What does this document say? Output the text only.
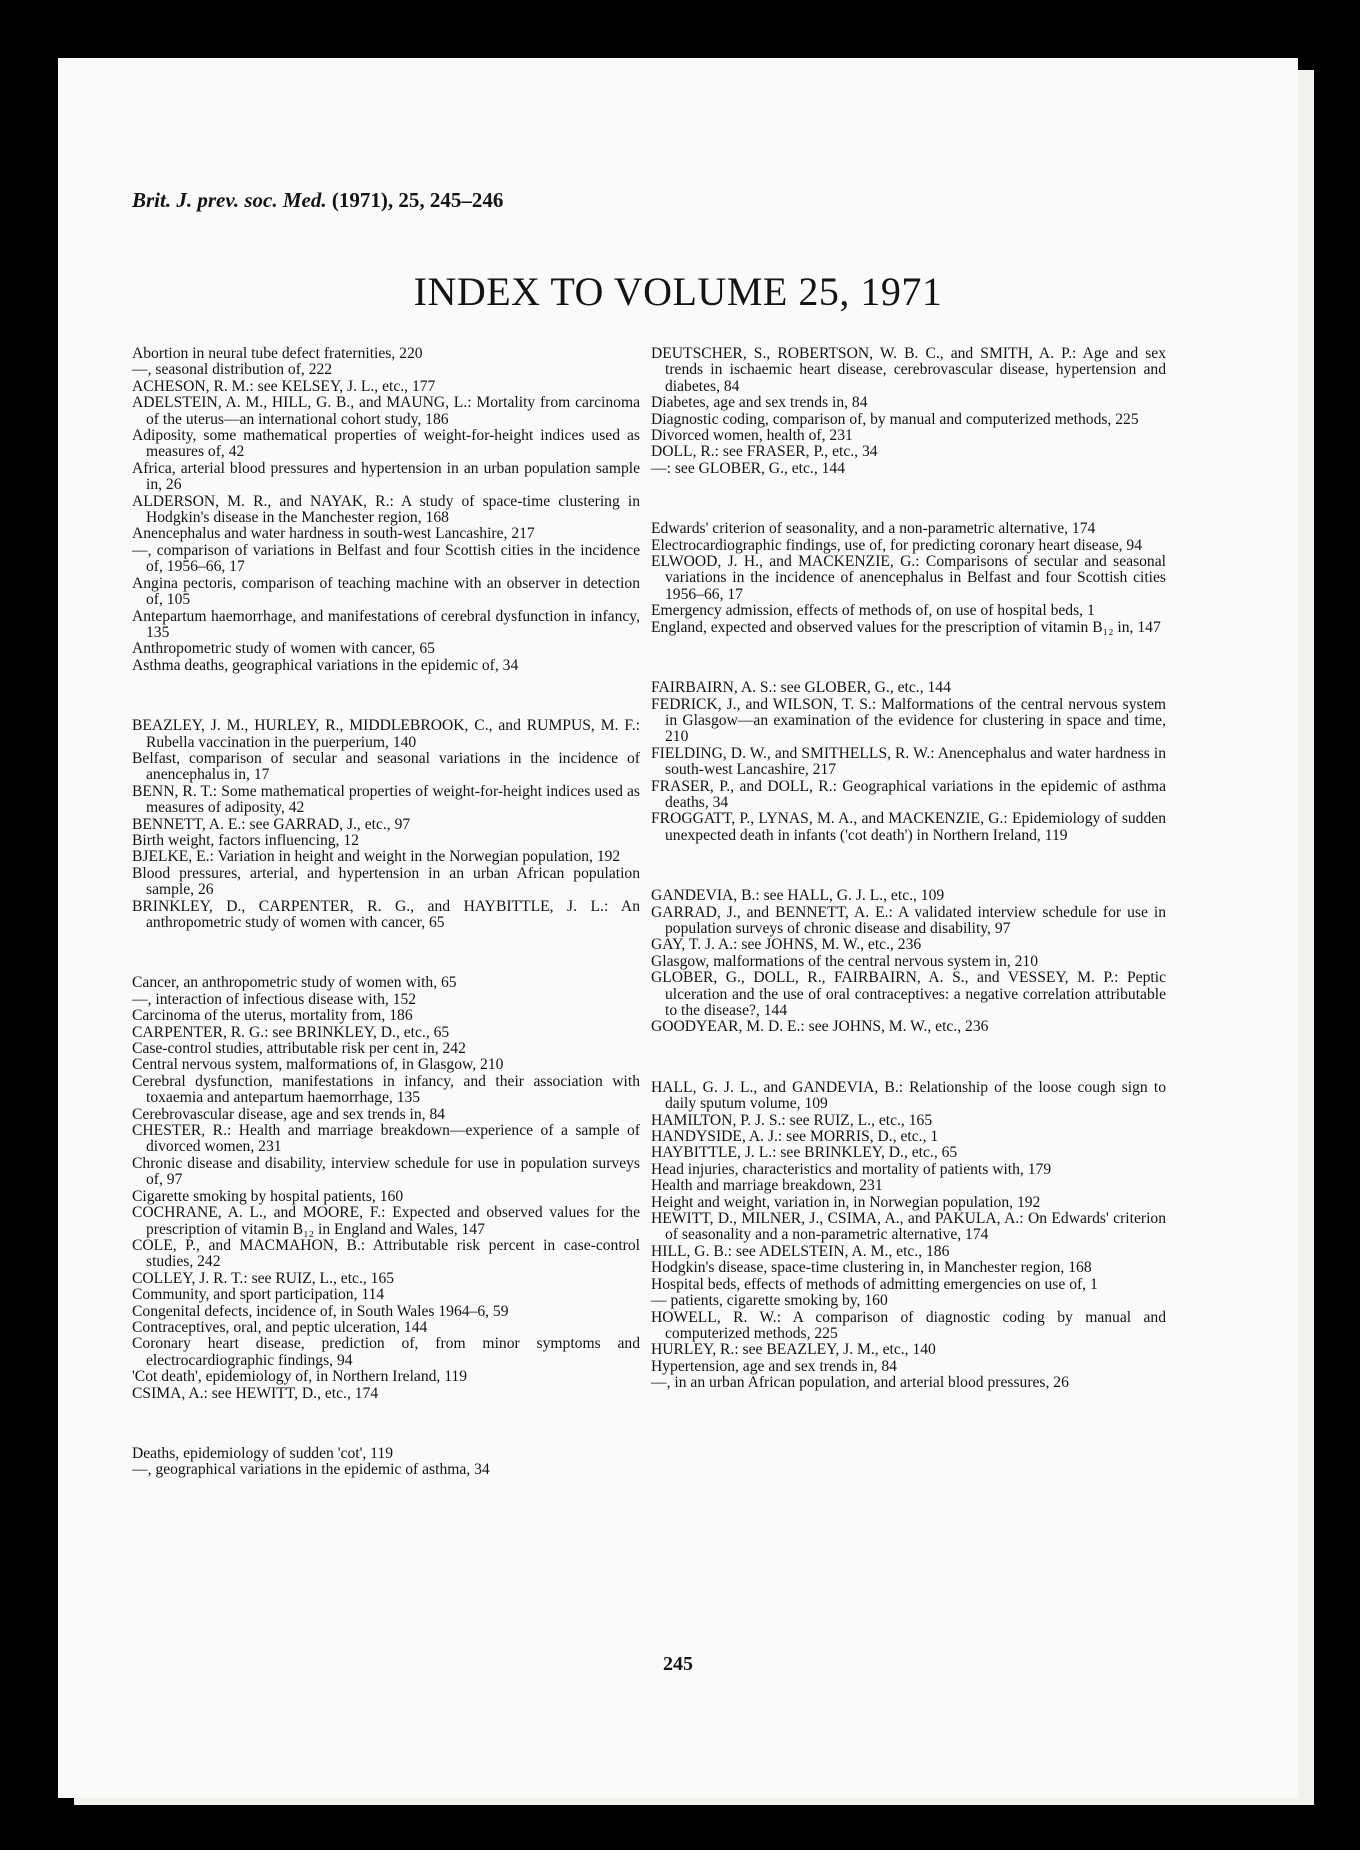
Brit. J. prev. soc. Med. (1971), 25, 245–246

INDEX TO VOLUME 25, 1971

Abortion in neural tube defect fraternities, 220

—, seasonal distribution of, 222

ACHESON, R. M.: see KELSEY, J. L., etc., 177

ADELSTEIN, A. M., HILL, G. B., and MAUNG, L.: Mortality from carcinoma of the uterus—an international cohort study, 186

Adiposity, some mathematical properties of weight-for-height indices used as measures of, 42

Africa, arterial blood pressures and hypertension in an urban population sample in, 26

ALDERSON, M. R., and NAYAK, R.: A study of space-time clustering in Hodgkin's disease in the Manchester region, 168

Anencephalus and water hardness in south-west Lancashire, 217

—, comparison of variations in Belfast and four Scottish cities in the incidence of, 1956–66, 17

Angina pectoris, comparison of teaching machine with an observer in detection of, 105

Antepartum haemorrhage, and manifestations of cerebral dysfunction in infancy, 135

Anthropometric study of women with cancer, 65

Asthma deaths, geographical variations in the epidemic of, 34

BEAZLEY, J. M., HURLEY, R., MIDDLEBROOK, C., and RUMPUS, M. F.: Rubella vaccination in the puerperium, 140

Belfast, comparison of secular and seasonal variations in the incidence of anencephalus in, 17

BENN, R. T.: Some mathematical properties of weight-for-height indices used as measures of adiposity, 42

BENNETT, A. E.: see GARRAD, J., etc., 97

Birth weight, factors influencing, 12

BJELKE, E.: Variation in height and weight in the Norwegian population, 192

Blood pressures, arterial, and hypertension in an urban African population sample, 26

BRINKLEY, D., CARPENTER, R. G., and HAYBITTLE, J. L.: An anthropometric study of women with cancer, 65

Cancer, an anthropometric study of women with, 65

—, interaction of infectious disease with, 152

Carcinoma of the uterus, mortality from, 186

CARPENTER, R. G.: see BRINKLEY, D., etc., 65

Case-control studies, attributable risk per cent in, 242

Central nervous system, malformations of, in Glasgow, 210

Cerebral dysfunction, manifestations in infancy, and their association with toxaemia and antepartum haemorrhage, 135

Cerebrovascular disease, age and sex trends in, 84

CHESTER, R.: Health and marriage breakdown—experience of a sample of divorced women, 231

Chronic disease and disability, interview schedule for use in population surveys of, 97

Cigarette smoking by hospital patients, 160

COCHRANE, A. L., and MOORE, F.: Expected and observed values for the prescription of vitamin B₁₂ in England and Wales, 147

COLE, P., and MACMAHON, B.: Attributable risk percent in case-control studies, 242

COLLEY, J. R. T.: see RUIZ, L., etc., 165

Community, and sport participation, 114

Congenital defects, incidence of, in South Wales 1964–6, 59

Contraceptives, oral, and peptic ulceration, 144

Coronary heart disease, prediction of, from minor symptoms and electrocardiographic findings, 94

'Cot death', epidemiology of, in Northern Ireland, 119

CSIMA, A.: see HEWITT, D., etc., 174

Deaths, epidemiology of sudden 'cot', 119

—, geographical variations in the epidemic of asthma, 34

DEUTSCHER, S., ROBERTSON, W. B. C., and SMITH, A. P.: Age and sex trends in ischaemic heart disease, cerebrovascular disease, hypertension and diabetes, 84

Diabetes, age and sex trends in, 84

Diagnostic coding, comparison of, by manual and computerized methods, 225

Divorced women, health of, 231

DOLL, R.: see FRASER, P., etc., 34

—: see GLOBER, G., etc., 144

Edwards' criterion of seasonality, and a non-parametric alternative, 174

Electrocardiographic findings, use of, for predicting coronary heart disease, 94

ELWOOD, J. H., and MACKENZIE, G.: Comparisons of secular and seasonal variations in the incidence of anencephalus in Belfast and four Scottish cities 1956–66, 17

Emergency admission, effects of methods of, on use of hospital beds, 1

England, expected and observed values for the prescription of vitamin B₁₂ in, 147

FAIRBAIRN, A. S.: see GLOBER, G., etc., 144

FEDRICK, J., and WILSON, T. S.: Malformations of the central nervous system in Glasgow—an examination of the evidence for clustering in space and time, 210

FIELDING, D. W., and SMITHELLS, R. W.: Anencephalus and water hardness in south-west Lancashire, 217

FRASER, P., and DOLL, R.: Geographical variations in the epidemic of asthma deaths, 34

FROGGATT, P., LYNAS, M. A., and MACKENZIE, G.: Epidemiology of sudden unexpected death in infants ('cot death') in Northern Ireland, 119

GANDEVIA, B.: see HALL, G. J. L., etc., 109

GARRAD, J., and BENNETT, A. E.: A validated interview schedule for use in population surveys of chronic disease and disability, 97

GAY, T. J. A.: see JOHNS, M. W., etc., 236

Glasgow, malformations of the central nervous system in, 210

GLOBER, G., DOLL, R., FAIRBAIRN, A. S., and VESSEY, M. P.: Peptic ulceration and the use of oral contraceptives: a negative correlation attributable to the disease?, 144

GOODYEAR, M. D. E.: see JOHNS, M. W., etc., 236

HALL, G. J. L., and GANDEVIA, B.: Relationship of the loose cough sign to daily sputum volume, 109

HAMILTON, P. J. S.: see RUIZ, L., etc., 165

HANDYSIDE, A. J.: see MORRIS, D., etc., 1

HAYBITTLE, J. L.: see BRINKLEY, D., etc., 65

Head injuries, characteristics and mortality of patients with, 179

Health and marriage breakdown, 231

Height and weight, variation in, in Norwegian population, 192

HEWITT, D., MILNER, J., CSIMA, A., and PAKULA, A.: On Edwards' criterion of seasonality and a non-parametric alternative, 174

HILL, G. B.: see ADELSTEIN, A. M., etc., 186

Hodgkin's disease, space-time clustering in, in Manchester region, 168

Hospital beds, effects of methods of admitting emergencies on use of, 1

— patients, cigarette smoking by, 160

HOWELL, R. W.: A comparison of diagnostic coding by manual and computerized methods, 225

HURLEY, R.: see BEAZLEY, J. M., etc., 140

Hypertension, age and sex trends in, 84

—, in an urban African population, and arterial blood pressures, 26

245
